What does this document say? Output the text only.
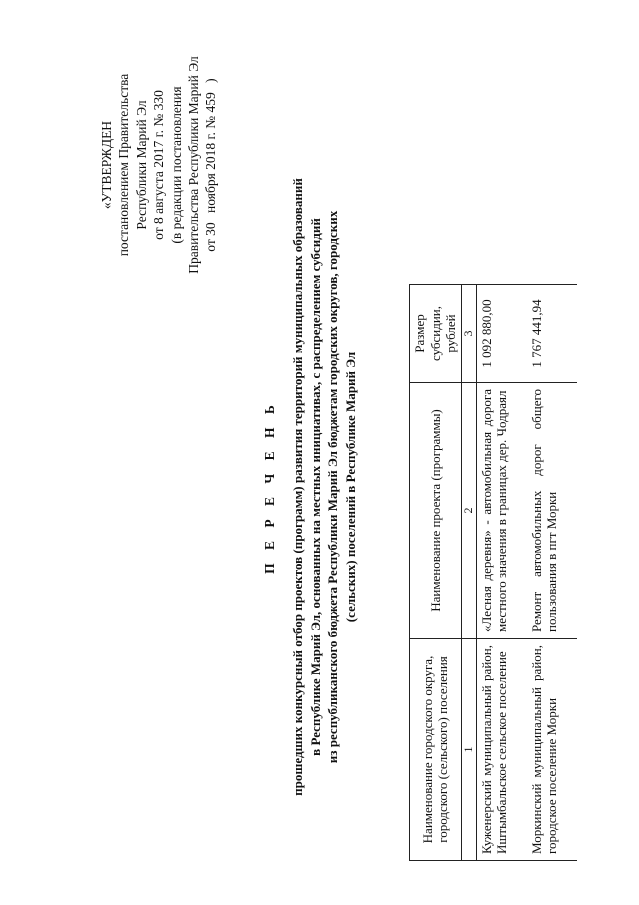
«УТВЕРЖДЕН постановлением Правительства Республики Марий Эл от 8 августа 2017 г. № 330 (в редакции постановления Правительства Республики Марий Эл от 30 ноября 2018 г. № 459 )
П Е Р Е Ч Е Н Ь прошедших конкурсный отбор проектов (программ) развития территорий муниципальных образований в Республике Марий Эл, основанных на местных инициативах, с распределением субсидий из республиканского бюджета Республики Марий Эл бюджетам городских округов, городских (сельских) поселений в Республике Марий Эл
Наименование городского округа, городского (сельского) поселения	Наименование проекта (программы)	Размер субсидии, рублей
1	2	3
Куженерский муниципальный район, Иштымбальское сельское поселение	«Лесная деревня» - автомобильная дорога местного значения в границах дер. Чодраял	1 092 880,00
Моркинский муниципальный район, городское поселение Морки	Ремонт автомобильных дорог общего пользования в пгт Морки	1 767 441,94
